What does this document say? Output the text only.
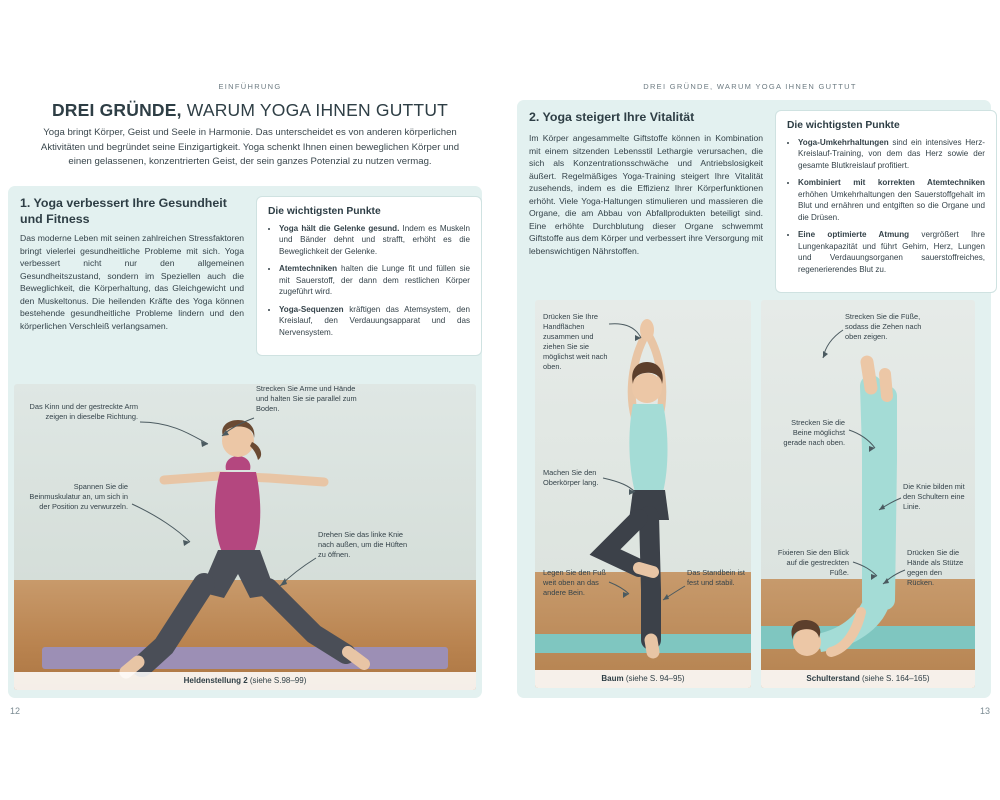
EINFÜHRUNG
12
DREI GRÜNDE, WARUM YOGA IHNEN GUTTUT
Yoga bringt Körper, Geist und Seele in Harmonie. Das unterscheidet es von anderen körperlichen Aktivitäten und begründet seine Einzigartigkeit. Yoga schenkt Ihnen einen beweglichen Körper und einen gelassenen, konzentrierten Geist, der sein ganzes Potenzial zu nutzen vermag.
1. Yoga verbessert Ihre Gesundheit und Fitness
Das moderne Leben mit seinen zahlreichen Stressfaktoren bringt vielerlei gesundheitliche Probleme mit sich. Yoga verbessert nicht nur den allgemeinen Gesundheitszustand, sondern im Speziellen auch die Beweglichkeit, die Körperhaltung, das Gleichgewicht und den Muskeltonus. Die heilenden Kräfte des Yoga können bestehende gesundheitliche Probleme lindern und den körperlichen Verschleiß verlangsamen.
Die wichtigsten Punkte
• Yoga hält die Gelenke gesund. Indem es Muskeln und Bänder dehnt und strafft, erhöht es die Beweglichkeit der Gelenke.
• Atemtechniken halten die Lunge fit und füllen sie mit Sauerstoff, der dann dem restlichen Körper zugeführt wird.
• Yoga-Sequenzen kräftigen das Atemsystem, den Kreislauf, den Verdauungsapparat und das Nervensystem.
Heldenstellung 2 (siehe S.98–99)
Das Kinn und der gestreckte Arm zeigen in dieselbe Richtung.
Strecken Sie Arme und Hände und halten Sie sie parallel zum Boden.
Spannen Sie die Beinmuskulatur an, um sich in der Position zu verwurzeln.
Drehen Sie das linke Knie nach außen, um die Hüften zu öffnen.
DREI GRÜNDE, WARUM YOGA IHNEN GUTTUT
13
2. Yoga steigert Ihre Vitalität
Im Körper angesammelte Giftstoffe können in Kombination mit einem sitzenden Lebensstil Lethargie verursachen, die sich als Konzentrationsschwäche und Antriebslosigkeit äußert. Regelmäßiges Yoga-Training steigert Ihre Vitalität zusehends, indem es die Effizienz Ihrer Körperfunktionen erhöht. Viele Yoga-Haltungen stimulieren und massieren die Organe, die am Abbau von Abfallprodukten beteiligt sind. Eine erhöhte Durchblutung dieser Organe schwemmt Giftstoffe aus dem Körper und verbessert ihre Versorgung mit lebenswichtigen Nährstoffen.
Die wichtigsten Punkte
• Yoga-Umkehrhaltungen sind ein intensives Herz-Kreislauf-Training, von dem das Herz sowie der gesamte Blutkreislauf profitiert.
• Kombiniert mit korrekten Atemtechniken erhöhen Umkehrhaltungen den Sauerstoffgehalt im Blut und ernähren und entgiften so die Organe und die Drüsen.
• Eine optimierte Atmung vergrößert Ihre Lungenkapazität und führt Gehirn, Herz, Lungen und Verdauungsorganen sauerstoffreiches, regenerierendes Blut zu.
Baum (siehe S. 94–95)	Schulterstand (siehe S. 164–165)
Drücken Sie Ihre Handflächen zusammen und ziehen Sie sie möglichst weit nach oben.
Machen Sie den Oberkörper lang.
Legen Sie den Fuß weit oben an das andere Bein.
Das Standbein ist fest und stabil.
Strecken Sie die Füße, sodass die Zehen nach oben zeigen.
Strecken Sie die Beine möglichst gerade nach oben.
Die Knie bilden mit den Schultern eine Linie.
Fixieren Sie den Blick auf die gestreckten Füße.
Drücken Sie die Hände als Stütze gegen den Rücken.
